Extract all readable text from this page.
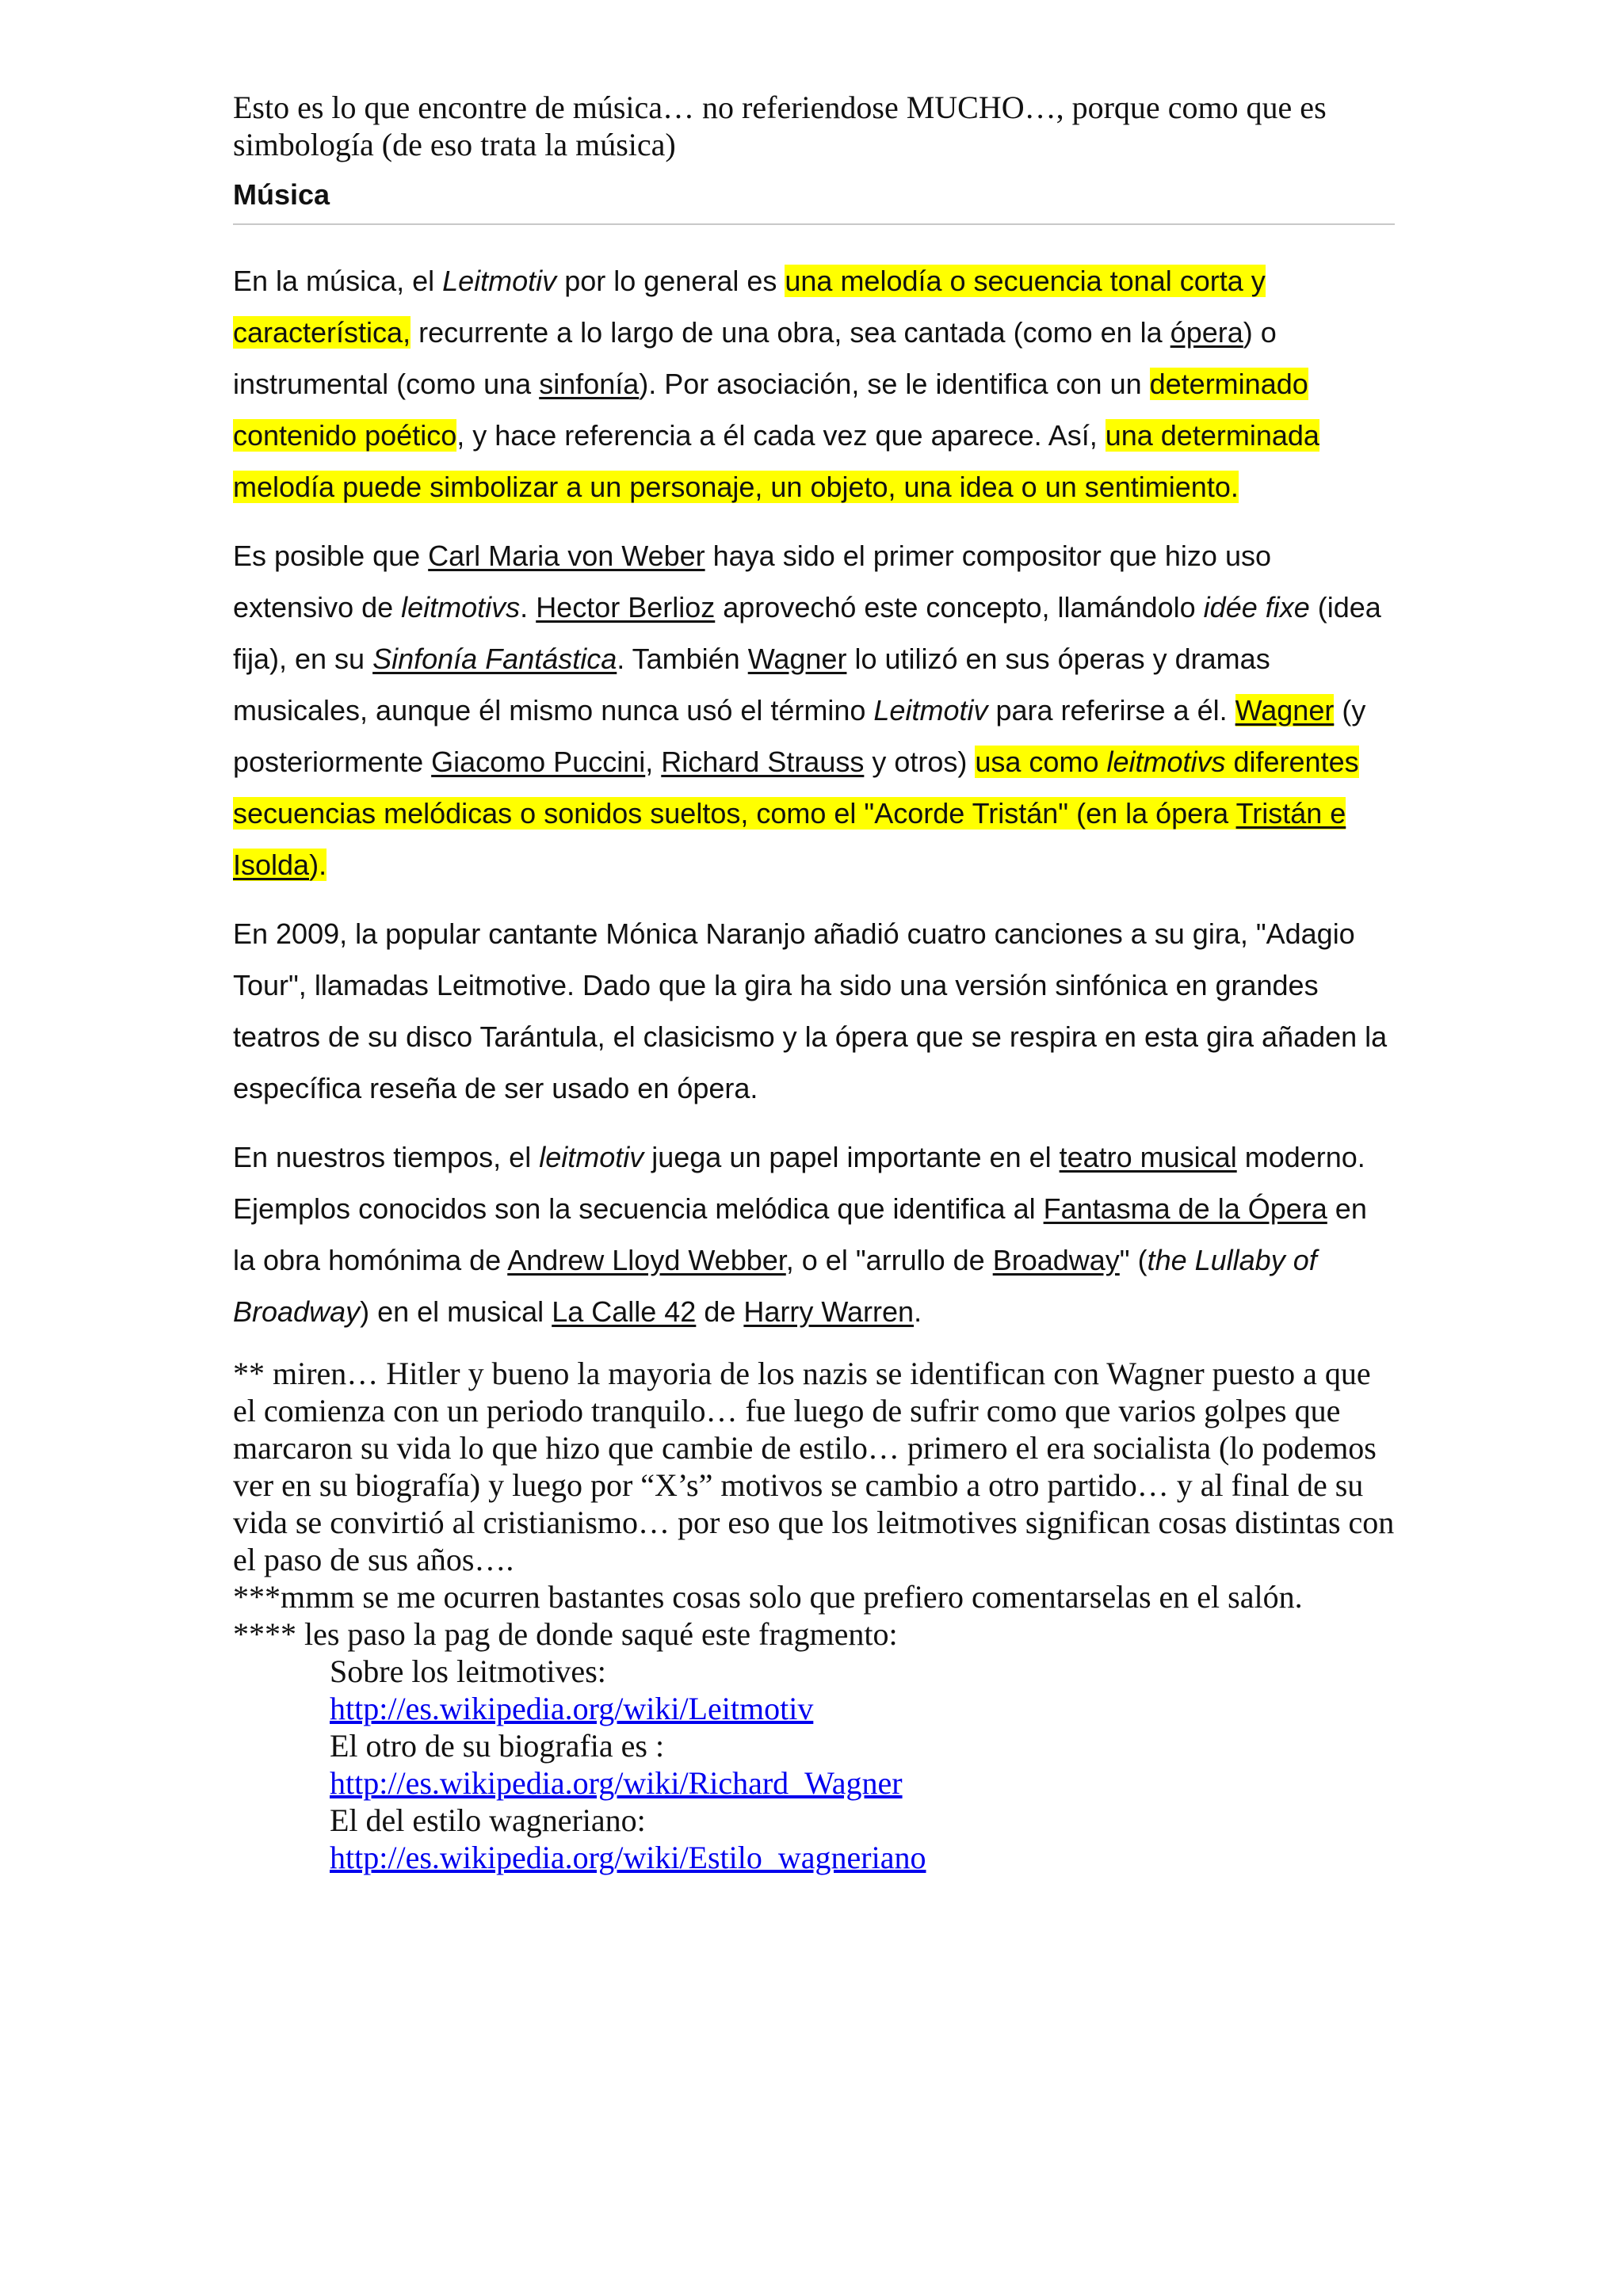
Esto es lo que encontre de música… no referiendose MUCHO…, porque como que es simbología (de eso trata la música)

Música

En la música, el Leitmotiv por lo general es una melodía o secuencia tonal corta y característica, recurrente a lo largo de una obra, sea cantada (como en la ópera) o instrumental (como una sinfonía). Por asociación, se le identifica con un determinado contenido poético, y hace referencia a él cada vez que aparece. Así, una determinada melodía puede simbolizar a un personaje, un objeto, una idea o un sentimiento.

Es posible que Carl Maria von Weber haya sido el primer compositor que hizo uso extensivo de leitmotivs. Hector Berlioz aprovechó este concepto, llamándolo idée fixe (idea fija), en su Sinfonía Fantástica. También Wagner lo utilizó en sus óperas y dramas musicales, aunque él mismo nunca usó el término Leitmotiv para referirse a él. Wagner (y posteriormente Giacomo Puccini, Richard Strauss y otros) usa como leitmotivs diferentes secuencias melódicas o sonidos sueltos, como el "Acorde Tristán" (en la ópera Tristán e Isolda).

En 2009, la popular cantante Mónica Naranjo añadió cuatro canciones a su gira, "Adagio Tour", llamadas Leitmotive. Dado que la gira ha sido una versión sinfónica en grandes teatros de su disco Tarántula, el clasicismo y la ópera que se respira en esta gira añaden la específica reseña de ser usado en ópera.

En nuestros tiempos, el leitmotiv juega un papel importante en el teatro musical moderno. Ejemplos conocidos son la secuencia melódica que identifica al Fantasma de la Ópera en la obra homónima de Andrew Lloyd Webber, o el "arrullo de Broadway" (the Lullaby of Broadway) en el musical La Calle 42 de Harry Warren.

** miren… Hitler y bueno la mayoria de los nazis se identifican con Wagner puesto a que el comienza con un periodo tranquilo… fue luego de sufrir como que varios golpes que marcaron su vida lo que hizo que cambie de estilo… primero el era socialista (lo podemos ver en su biografía) y luego por “X’s” motivos se cambio a otro partido… y al final de su vida se convirtió al cristianismo… por eso que los leitmotives significan cosas distintas con el paso de sus años….

***mmm se me ocurren bastantes cosas solo que prefiero comentarselas en el salón.

**** les paso la pag de donde saqué este fragmento:

Sobre los leitmotives:

http://es.wikipedia.org/wiki/Leitmotiv

El otro de su biografia es :

http://es.wikipedia.org/wiki/Richard_Wagner

El del estilo wagneriano:

http://es.wikipedia.org/wiki/Estilo_wagneriano
